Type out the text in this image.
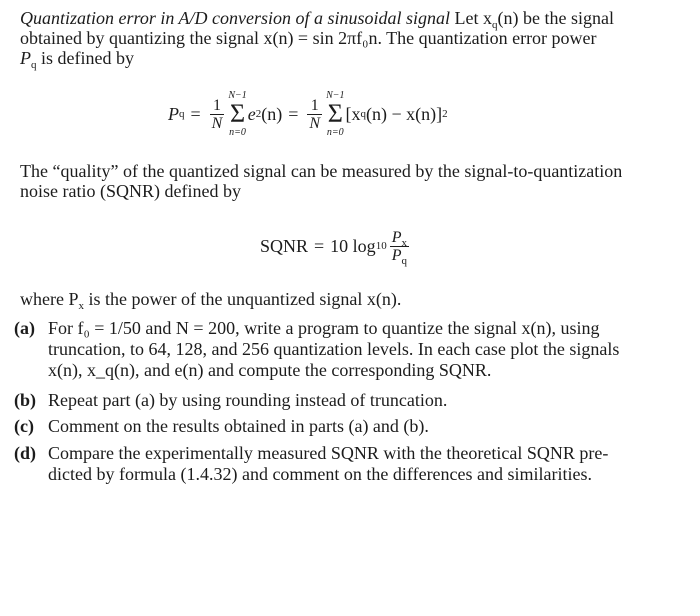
Quantization error in A/D conversion of a sinusoidal signal Let $x_q(n)$ be the signal
obtained by quantizing the signal x(n) = sin 2πf₀n. The quantization error power
$P_q$ is defined by
P $q = \frac{1}{N}$
N−1
Σ
n=0
e 2 $(n) = \frac{1}{N}$
N−1
Σ
n=0
[x q (n) − x(n)] 2
The “quality” of the quantized signal can be measured by the signal-to-quantization
noise ratio (SQNR) defined by
SQNR = 10 $\log 10 \frac{P_x}{P_q}$
where $P_x$ is the power of the unquantized signal x(n).
(a) For f₀ = 1/50 and N = 200, write a program to quantize the signal x(n), using
truncation, to 64, 128, and 256 quantization levels. In each case plot the signals
x(n), x_q(n), and e(n) and compute the corresponding SQNR.
(b) Repeat part (a) by using rounding instead of truncation.
(c) Comment on the results obtained in parts (a) and (b).
(d) Compare the experimentally measured SQNR with the theoretical SQNR pre-
dicted by formula (1.4.32) and comment on the differences and similarities.
